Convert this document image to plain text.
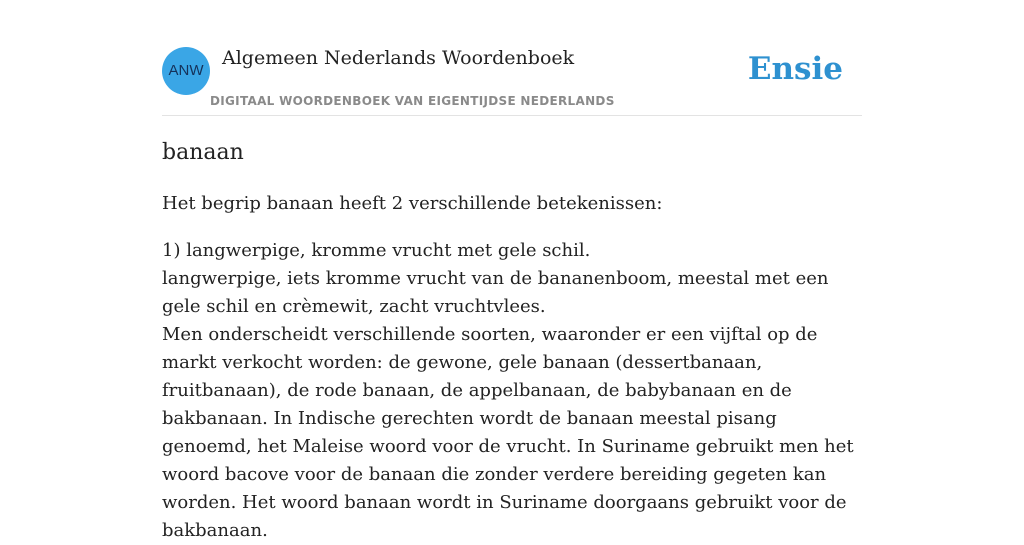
ANW
Algemeen Nederlands Woordenboek
DIGITAAL WOORDENBOEK VAN EIGENTIJDSE NEDERLANDS
Ensie
banaan

Het begrip banaan heeft 2 verschillende betekenissen:

1) langwerpige, kromme vrucht met gele schil.
langwerpige, iets kromme vrucht van de bananenboom, meestal met een gele schil en crèmewit, zacht vruchtvlees.
Men onderscheidt verschillende soorten, waaronder er een vijftal op de markt verkocht worden: de gewone, gele banaan (dessertbanaan, fruitbanaan), de rode banaan, de appelbanaan, de babybanaan en de bakbanaan. In Indische gerechten wordt de banaan meestal pisang genoemd, het Maleise woord voor de vrucht. In Suriname gebruikt men het woord bacove voor de banaan die zonder verdere bereiding gegeten kan worden. Het woord banaan wordt in Suriname doorgaans gebruikt voor de bakbanaan.
